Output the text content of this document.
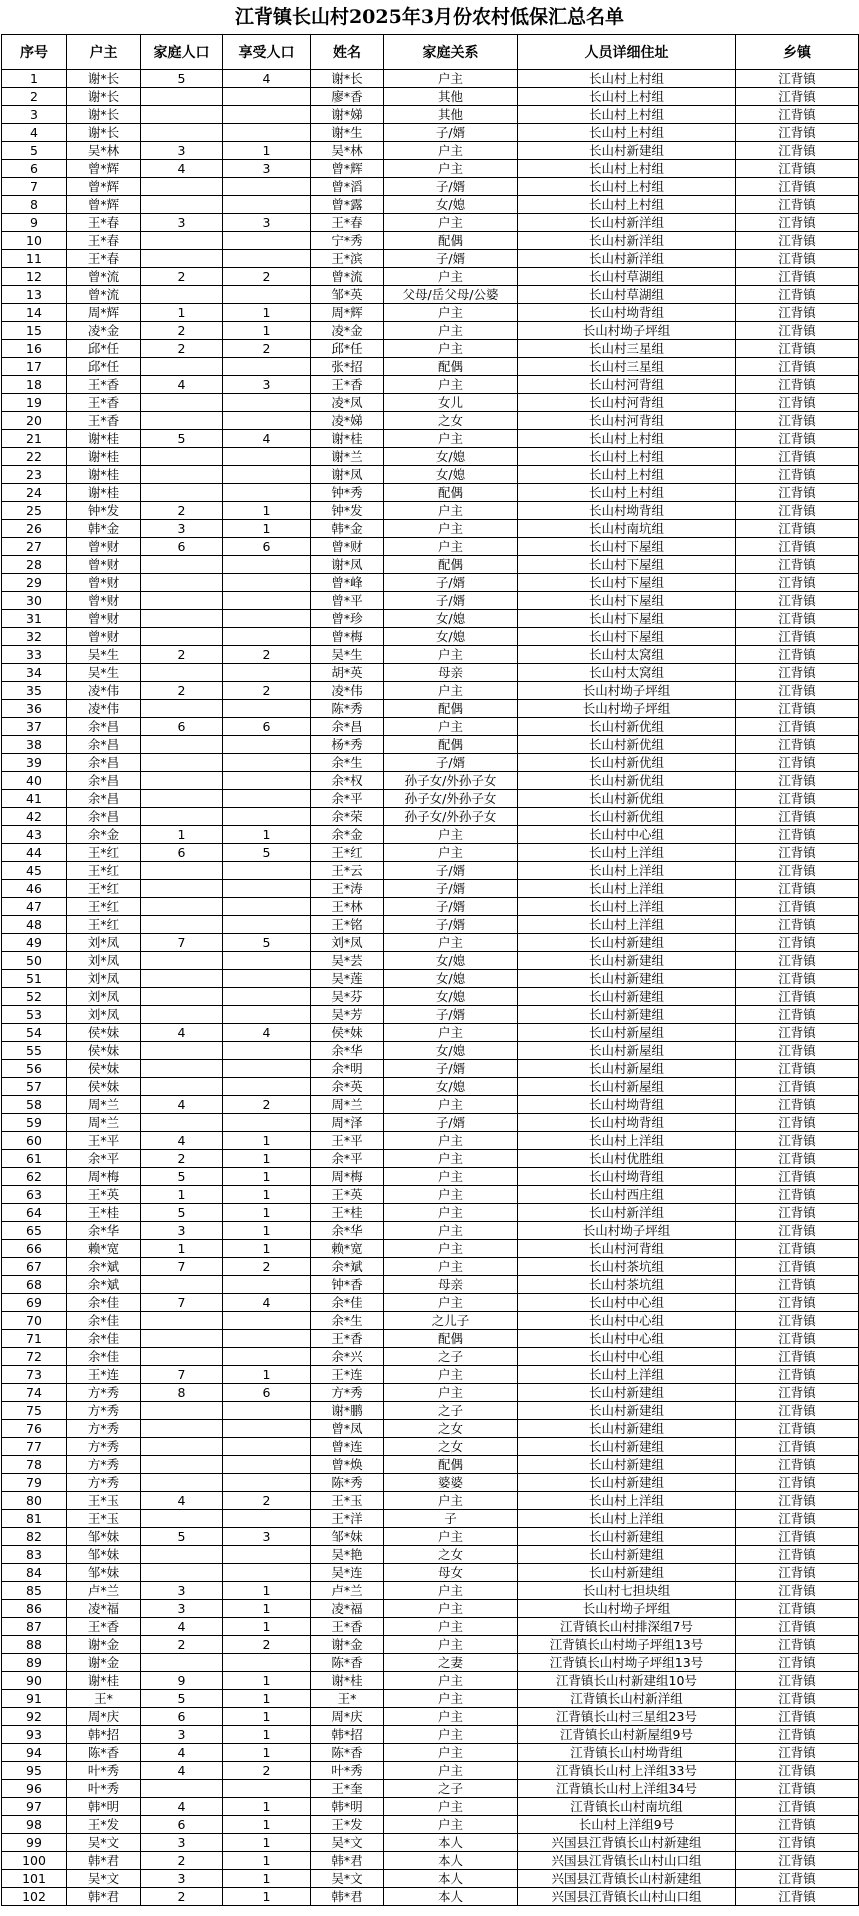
江背镇长山村2025年3月份农村低保汇总名单
序号	户主	家庭人口	享受人口	姓名	家庭关系	人员详细住址	乡镇
1	谢*长	5	4	谢*长	户主	长山村上村组	江背镇
2	谢*长			廖*香	其他	长山村上村组	江背镇
3	谢*长			谢*娣	其他	长山村上村组	江背镇
4	谢*长			谢*生	子/婿	长山村上村组	江背镇
5	吴*林	3	1	吴*林	户主	长山村新建组	江背镇
6	曾*辉	4	3	曾*辉	户主	长山村上村组	江背镇
7	曾*辉			曾*滔	子/婿	长山村上村组	江背镇
8	曾*辉			曾*露	女/媳	长山村上村组	江背镇
9	王*春	3	3	王*春	户主	长山村新洋组	江背镇
10	王*春			宁*秀	配偶	长山村新洋组	江背镇
11	王*春			王*滨	子/婿	长山村新洋组	江背镇
12	曾*流	2	2	曾*流	户主	长山村草湖组	江背镇
13	曾*流			邹*英	父母/岳父母/公婆	长山村草湖组	江背镇
14	周*辉	1	1	周*辉	户主	长山村坳背组	江背镇
15	凌*金	2	1	凌*金	户主	长山村坳子坪组	江背镇
16	邱*任	2	2	邱*任	户主	长山村三星组	江背镇
17	邱*任			张*招	配偶	长山村三星组	江背镇
18	王*香	4	3	王*香	户主	长山村河背组	江背镇
19	王*香			凌*凤	女儿	长山村河背组	江背镇
20	王*香			凌*娣	之女	长山村河背组	江背镇
21	谢*桂	5	4	谢*桂	户主	长山村上村组	江背镇
22	谢*桂			谢*兰	女/媳	长山村上村组	江背镇
23	谢*桂			谢*凤	女/媳	长山村上村组	江背镇
24	谢*桂			钟*秀	配偶	长山村上村组	江背镇
25	钟*发	2	1	钟*发	户主	长山村坳背组	江背镇
26	韩*金	3	1	韩*金	户主	长山村南坑组	江背镇
27	曾*财	6	6	曾*财	户主	长山村下屋组	江背镇
28	曾*财			谢*凤	配偶	长山村下屋组	江背镇
29	曾*财			曾*峰	子/婿	长山村下屋组	江背镇
30	曾*财			曾*平	子/婿	长山村下屋组	江背镇
31	曾*财			曾*珍	女/媳	长山村下屋组	江背镇
32	曾*财			曾*梅	女/媳	长山村下屋组	江背镇
33	吴*生	2	2	吴*生	户主	长山村太窝组	江背镇
34	吴*生			胡*英	母亲	长山村太窝组	江背镇
35	凌*伟	2	2	凌*伟	户主	长山村坳子坪组	江背镇
36	凌*伟			陈*秀	配偶	长山村坳子坪组	江背镇
37	余*昌	6	6	余*昌	户主	长山村新优组	江背镇
38	余*昌			杨*秀	配偶	长山村新优组	江背镇
39	余*昌			余*生	子/婿	长山村新优组	江背镇
40	余*昌			余*权	孙子女/外孙子女	长山村新优组	江背镇
41	余*昌			余*平	孙子女/外孙子女	长山村新优组	江背镇
42	余*昌			余*荣	孙子女/外孙子女	长山村新优组	江背镇
43	余*金	1	1	余*金	户主	长山村中心组	江背镇
44	王*红	6	5	王*红	户主	长山村上洋组	江背镇
45	王*红			王*云	子/婿	长山村上洋组	江背镇
46	王*红			王*涛	子/婿	长山村上洋组	江背镇
47	王*红			王*林	子/婿	长山村上洋组	江背镇
48	王*红			王*铭	子/婿	长山村上洋组	江背镇
49	刘*凤	7	5	刘*凤	户主	长山村新建组	江背镇
50	刘*凤			吴*芸	女/媳	长山村新建组	江背镇
51	刘*凤			吴*莲	女/媳	长山村新建组	江背镇
52	刘*凤			吴*芬	女/媳	长山村新建组	江背镇
53	刘*凤			吴*芳	子/婿	长山村新建组	江背镇
54	侯*妹	4	4	侯*妹	户主	长山村新屋组	江背镇
55	侯*妹			余*华	女/媳	长山村新屋组	江背镇
56	侯*妹			余*明	子/婿	长山村新屋组	江背镇
57	侯*妹			余*英	女/媳	长山村新屋组	江背镇
58	周*兰	4	2	周*兰	户主	长山村坳背组	江背镇
59	周*兰			周*泽	子/婿	长山村坳背组	江背镇
60	王*平	4	1	王*平	户主	长山村上洋组	江背镇
61	余*平	2	1	余*平	户主	长山村优胜组	江背镇
62	周*梅	5	1	周*梅	户主	长山村坳背组	江背镇
63	王*英	1	1	王*英	户主	长山村西庄组	江背镇
64	王*桂	5	1	王*桂	户主	长山村新洋组	江背镇
65	余*华	3	1	余*华	户主	长山村坳子坪组	江背镇
66	赖*宽	1	1	赖*宽	户主	长山村河背组	江背镇
67	余*斌	7	2	余*斌	户主	长山村茶坑组	江背镇
68	余*斌			钟*香	母亲	长山村茶坑组	江背镇
69	余*佳	7	4	余*佳	户主	长山村中心组	江背镇
70	余*佳			余*生	之儿子	长山村中心组	江背镇
71	余*佳			王*香	配偶	长山村中心组	江背镇
72	余*佳			余*兴	之子	长山村中心组	江背镇
73	王*连	7	1	王*连	户主	长山村上洋组	江背镇
74	方*秀	8	6	方*秀	户主	长山村新建组	江背镇
75	方*秀			谢*鹏	之子	长山村新建组	江背镇
76	方*秀			曾*凤	之女	长山村新建组	江背镇
77	方*秀			曾*连	之女	长山村新建组	江背镇
78	方*秀			曾*焕	配偶	长山村新建组	江背镇
79	方*秀			陈*秀	婆婆	长山村新建组	江背镇
80	王*玉	4	2	王*玉	户主	长山村上洋组	江背镇
81	王*玉			王*洋	子	长山村上洋组	江背镇
82	邹*妹	5	3	邹*妹	户主	长山村新建组	江背镇
83	邹*妹			吴*艳	之女	长山村新建组	江背镇
84	邹*妹			吴*连	母女	长山村新建组	江背镇
85	卢*兰	3	1	卢*兰	户主	长山村七担块组	江背镇
86	凌*福	3	1	凌*福	户主	长山村坳子坪组	江背镇
87	王*香	4	1	王*香	户主	江背镇长山村排深组7号	江背镇
88	谢*金	2	2	谢*金	户主	江背镇长山村坳子坪组13号	江背镇
89	谢*金			陈*香	之妻	江背镇长山村坳子坪组13号	江背镇
90	谢*桂	9	1	谢*桂	户主	江背镇长山村新建组10号	江背镇
91	王*	5	1	王*	户主	江背镇长山村新洋组	江背镇
92	周*庆	6	1	周*庆	户主	江背镇长山村三星组23号	江背镇
93	韩*招	3	1	韩*招	户主	江背镇长山村新屋组9号	江背镇
94	陈*香	4	1	陈*香	户主	江背镇长山村坳背组	江背镇
95	叶*秀	4	2	叶*秀	户主	江背镇长山村上洋组33号	江背镇
96	叶*秀			王*奎	之子	江背镇长山村上洋组34号	江背镇
97	韩*明	4	1	韩*明	户主	江背镇长山村南坑组	江背镇
98	王*发	6	1	王*发	户主	长山村上洋组9号	江背镇
99	吴*文	3	1	吴*文	本人	兴国县江背镇长山村新建组	江背镇
100	韩*君	2	1	韩*君	本人	兴国县江背镇长山村山口组	江背镇
101	吴*文	3	1	吴*文	本人	兴国县江背镇长山村新建组	江背镇
102	韩*君	2	1	韩*君	本人	兴国县江背镇长山村山口组	江背镇
